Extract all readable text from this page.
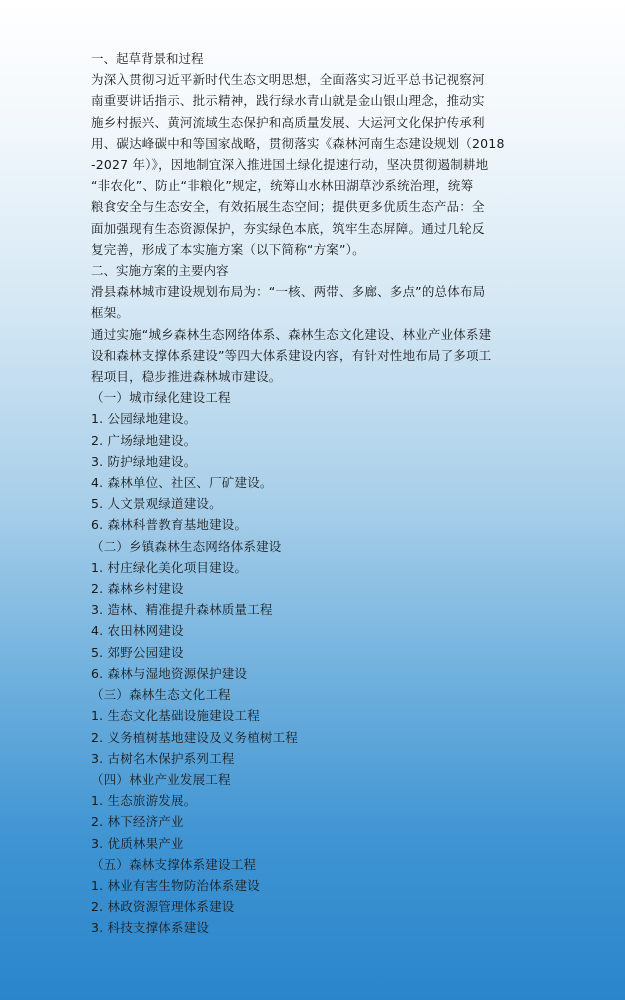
一、起草背景和过程
为深入贯彻习近平新时代生态文明思想，全面落实习近平总书记视察河
南重要讲话指示、批示精神，践行绿水青山就是金山银山理念，推动实
施乡村振兴、黄河流域生态保护和高质量发展、大运河文化保护传承利
用、碳达峰碳中和等国家战略，贯彻落实《森林河南生态建设规划（2018
-2027 年）》，因地制宜深入推进国土绿化提速行动，坚决贯彻遏制耕地
“非农化”、防止“非粮化”规定，统筹山水林田湖草沙系统治理，统筹
粮食安全与生态安全，有效拓展生态空间；提供更多优质生态产品：全
面加强现有生态资源保护，夯实绿色本底，筑牢生态屏障。通过几轮反
复完善，形成了本实施方案（以下简称“方案”）。
二、实施方案的主要内容
滑县森林城市建设规划布局为：“一核、两带、多廊、多点”的总体布局
框架。
通过实施“城乡森林生态网络体系、森林生态文化建设、林业产业体系建
设和森林支撑体系建设”等四大体系建设内容，有针对性地布局了多项工
程项目，稳步推进森林城市建设。
（一）城市绿化建设工程
1. 公园绿地建设。
2. 广场绿地建设。
3. 防护绿地建设。
4. 森林单位、社区、厂矿建设。
5. 人文景观绿道建设。
6. 森林科普教育基地建设。
（二）乡镇森林生态网络体系建设
1. 村庄绿化美化项目建设。
2. 森林乡村建设
3. 造林、精准提升森林质量工程
4. 农田林网建设
5. 郊野公园建设
6. 森林与湿地资源保护建设
（三）森林生态文化工程
1. 生态文化基础设施建设工程
2. 义务植树基地建设及义务植树工程
3. 古树名木保护系列工程
（四）林业产业发展工程
1. 生态旅游发展。
2. 林下经济产业
3. 优质林果产业
（五）森林支撑体系建设工程
1. 林业有害生物防治体系建设
2. 林政资源管理体系建设
3. 科技支撑体系建设
